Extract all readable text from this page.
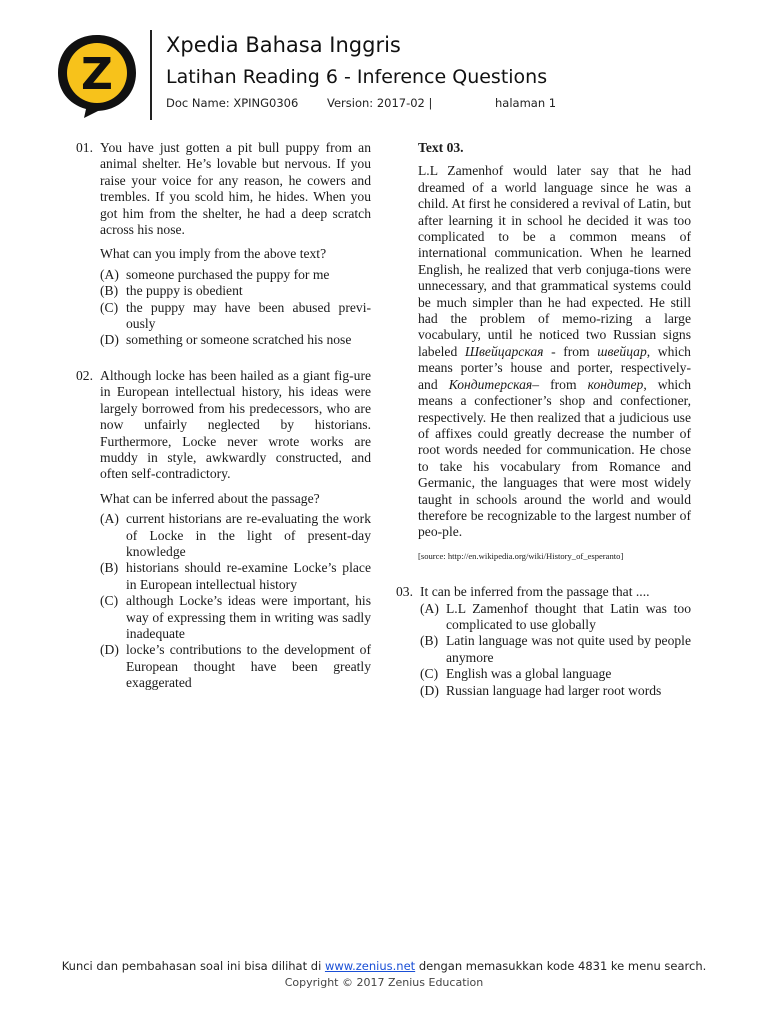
Z
Xpedia Bahasa Inggris
Latihan Reading 6 - Inference Questions
Doc Name: XPING0306 Version: 2017-02 |	halaman 1
01. You have just gotten a pit bull puppy from an animal shelter. He’s lovable but nervous. If you raise your voice for any reason, he cowers and trembles. If you scold him, he hides. When you got him from the shelter, he had a deep scratch across his nose.
What can you imply from the above text?
(A) someone purchased the puppy for me
(B) the puppy is obedient
(C) the puppy may have been abused previ-ously
(D) something or someone scratched his nose
02. Although locke has been hailed as a giant fig-ure in European intellectual history, his ideas were largely borrowed from his predecessors, who are now unfairly neglected by historians. Furthermore, Locke never wrote works are muddy in style, awkwardly constructed, and often self-contradictory.
What can be inferred about the passage?
(A) current historians are re-evaluating the work of Locke in the light of present-day knowledge
(B) historians should re-examine Locke’s place in European intellectual history
(C) although Locke’s ideas were important, his way of expressing them in writing was sadly inadequate
(D) locke’s contributions to the development of European thought have been greatly exaggerated
Text 03.
L.L Zamenhof would later say that he had dreamed of a world language since he was a child. At first he considered a revival of Latin, but after learning it in school he decided it was too complicated to be a common means of international communication. When he learned English, he realized that verb conjuga-tions were unnecessary, and that grammatical systems could be much simpler than he had expected. He still had the problem of memo-rizing a large vocabulary, until he noticed two Russian signs labeled Швейцарская - from швейцар, which means porter’s house and porter, respectively- and Кондитерская– from кондитер, which means a confectioner’s shop and confectioner, respectively. He then realized that a judicious use of affixes could greatly decrease the number of root words needed for communication. He chose to take his vocabulary from Romance and Germanic, the languages that were most widely taught in schools around the world and would therefore be recognizable to the largest number of peo-ple.
[source: http://en.wikipedia.org/wiki/History_of_esperanto]
03. It can be inferred from the passage that ....
(A) L.L Zamenhof thought that Latin was too complicated to use globally
(B) Latin language was not quite used by people anymore
(C) English was a global language
(D) Russian language had larger root words
Kunci dan pembahasan soal ini bisa dilihat di www.zenius.net dengan memasukkan kode 4831 ke menu search.
Copyright © 2017 Zenius Education
